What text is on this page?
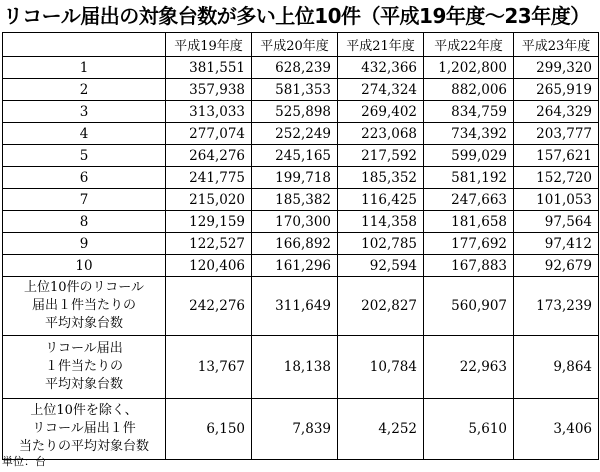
リコール届出の対象台数が多い上位10件（平成19年度〜23年度）
	平成19年度	平成20年度	平成21年度	平成22年度	平成23年度
1	381,551	628,239	432,366	1,202,800	299,320
2	357,938	581,353	274,324	882,006	265,919
3	313,033	525,898	269,402	834,759	264,329
4	277,074	252,249	223,068	734,392	203,777
5	264,276	245,165	217,592	599,029	157,621
6	241,775	199,718	185,352	581,192	152,720
7	215,020	185,382	116,425	247,663	101,053
8	129,159	170,300	114,358	181,658	97,564
9	122,527	166,892	102,785	177,692	97,412
10	120,406	161,296	92,594	167,883	92,679

上位10件のリコール
届出１件当たりの
平均対象台数	242,276	311,649	202,827	560,907	173,239

リコール届出
１件当たりの
平均対象台数	13,767	18,138	10,784	22,963	9,864

上位10件を除く、
リコール届出１件
当たりの平均対象台数	6,150	7,839	4,252	5,610	3,406
単位：台
